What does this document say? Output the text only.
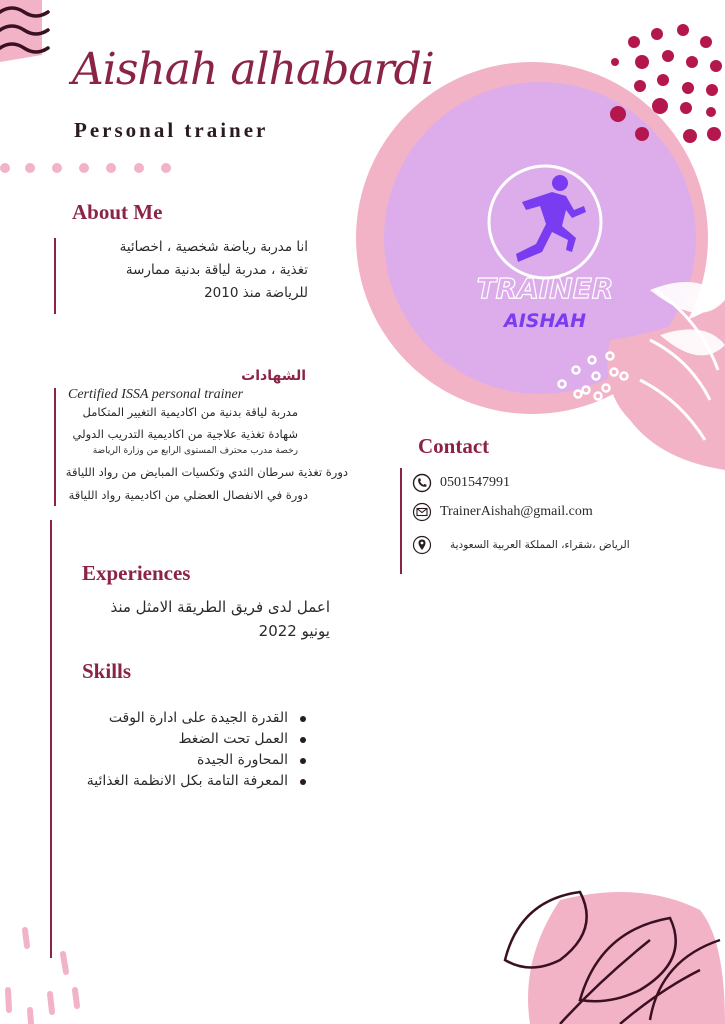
TRAINER
AISHAH
Aishah alhabardi
Personal trainer
About Me
انا مدربة رياضة شخصية ، اخصائية تغذية ، مدربة لياقة بدنية ممارسة للرياضة منذ 2010
الشهادات
Certified ISSA personal trainer
مدربة لياقة بدنية من اكاديمية التغيير المتكامل
شهادة تغذية علاجية من اكاديمية التدريب الدولي
رخصة مدرب محترف المستوى الرابع من وزارة الرياضة
دورة تغذية سرطان الثدي وتكسيات المبايض من رواد اللياقة
دورة في الانفصال العضلي من اكاديمية رواد اللياقة
Experiences
اعمل لدى فريق الطريقة الامثل منذ يونيو 2022
Skills
القدرة الجيدة على ادارة الوقت
العمل تحت الضغط
المحاورة الجيدة
المعرفة التامة بكل الانظمة الغذائية
Contact
0501547991
TrainerAishah@gmail.com
الرياض ،شقراء، المملكة العربية السعودية
